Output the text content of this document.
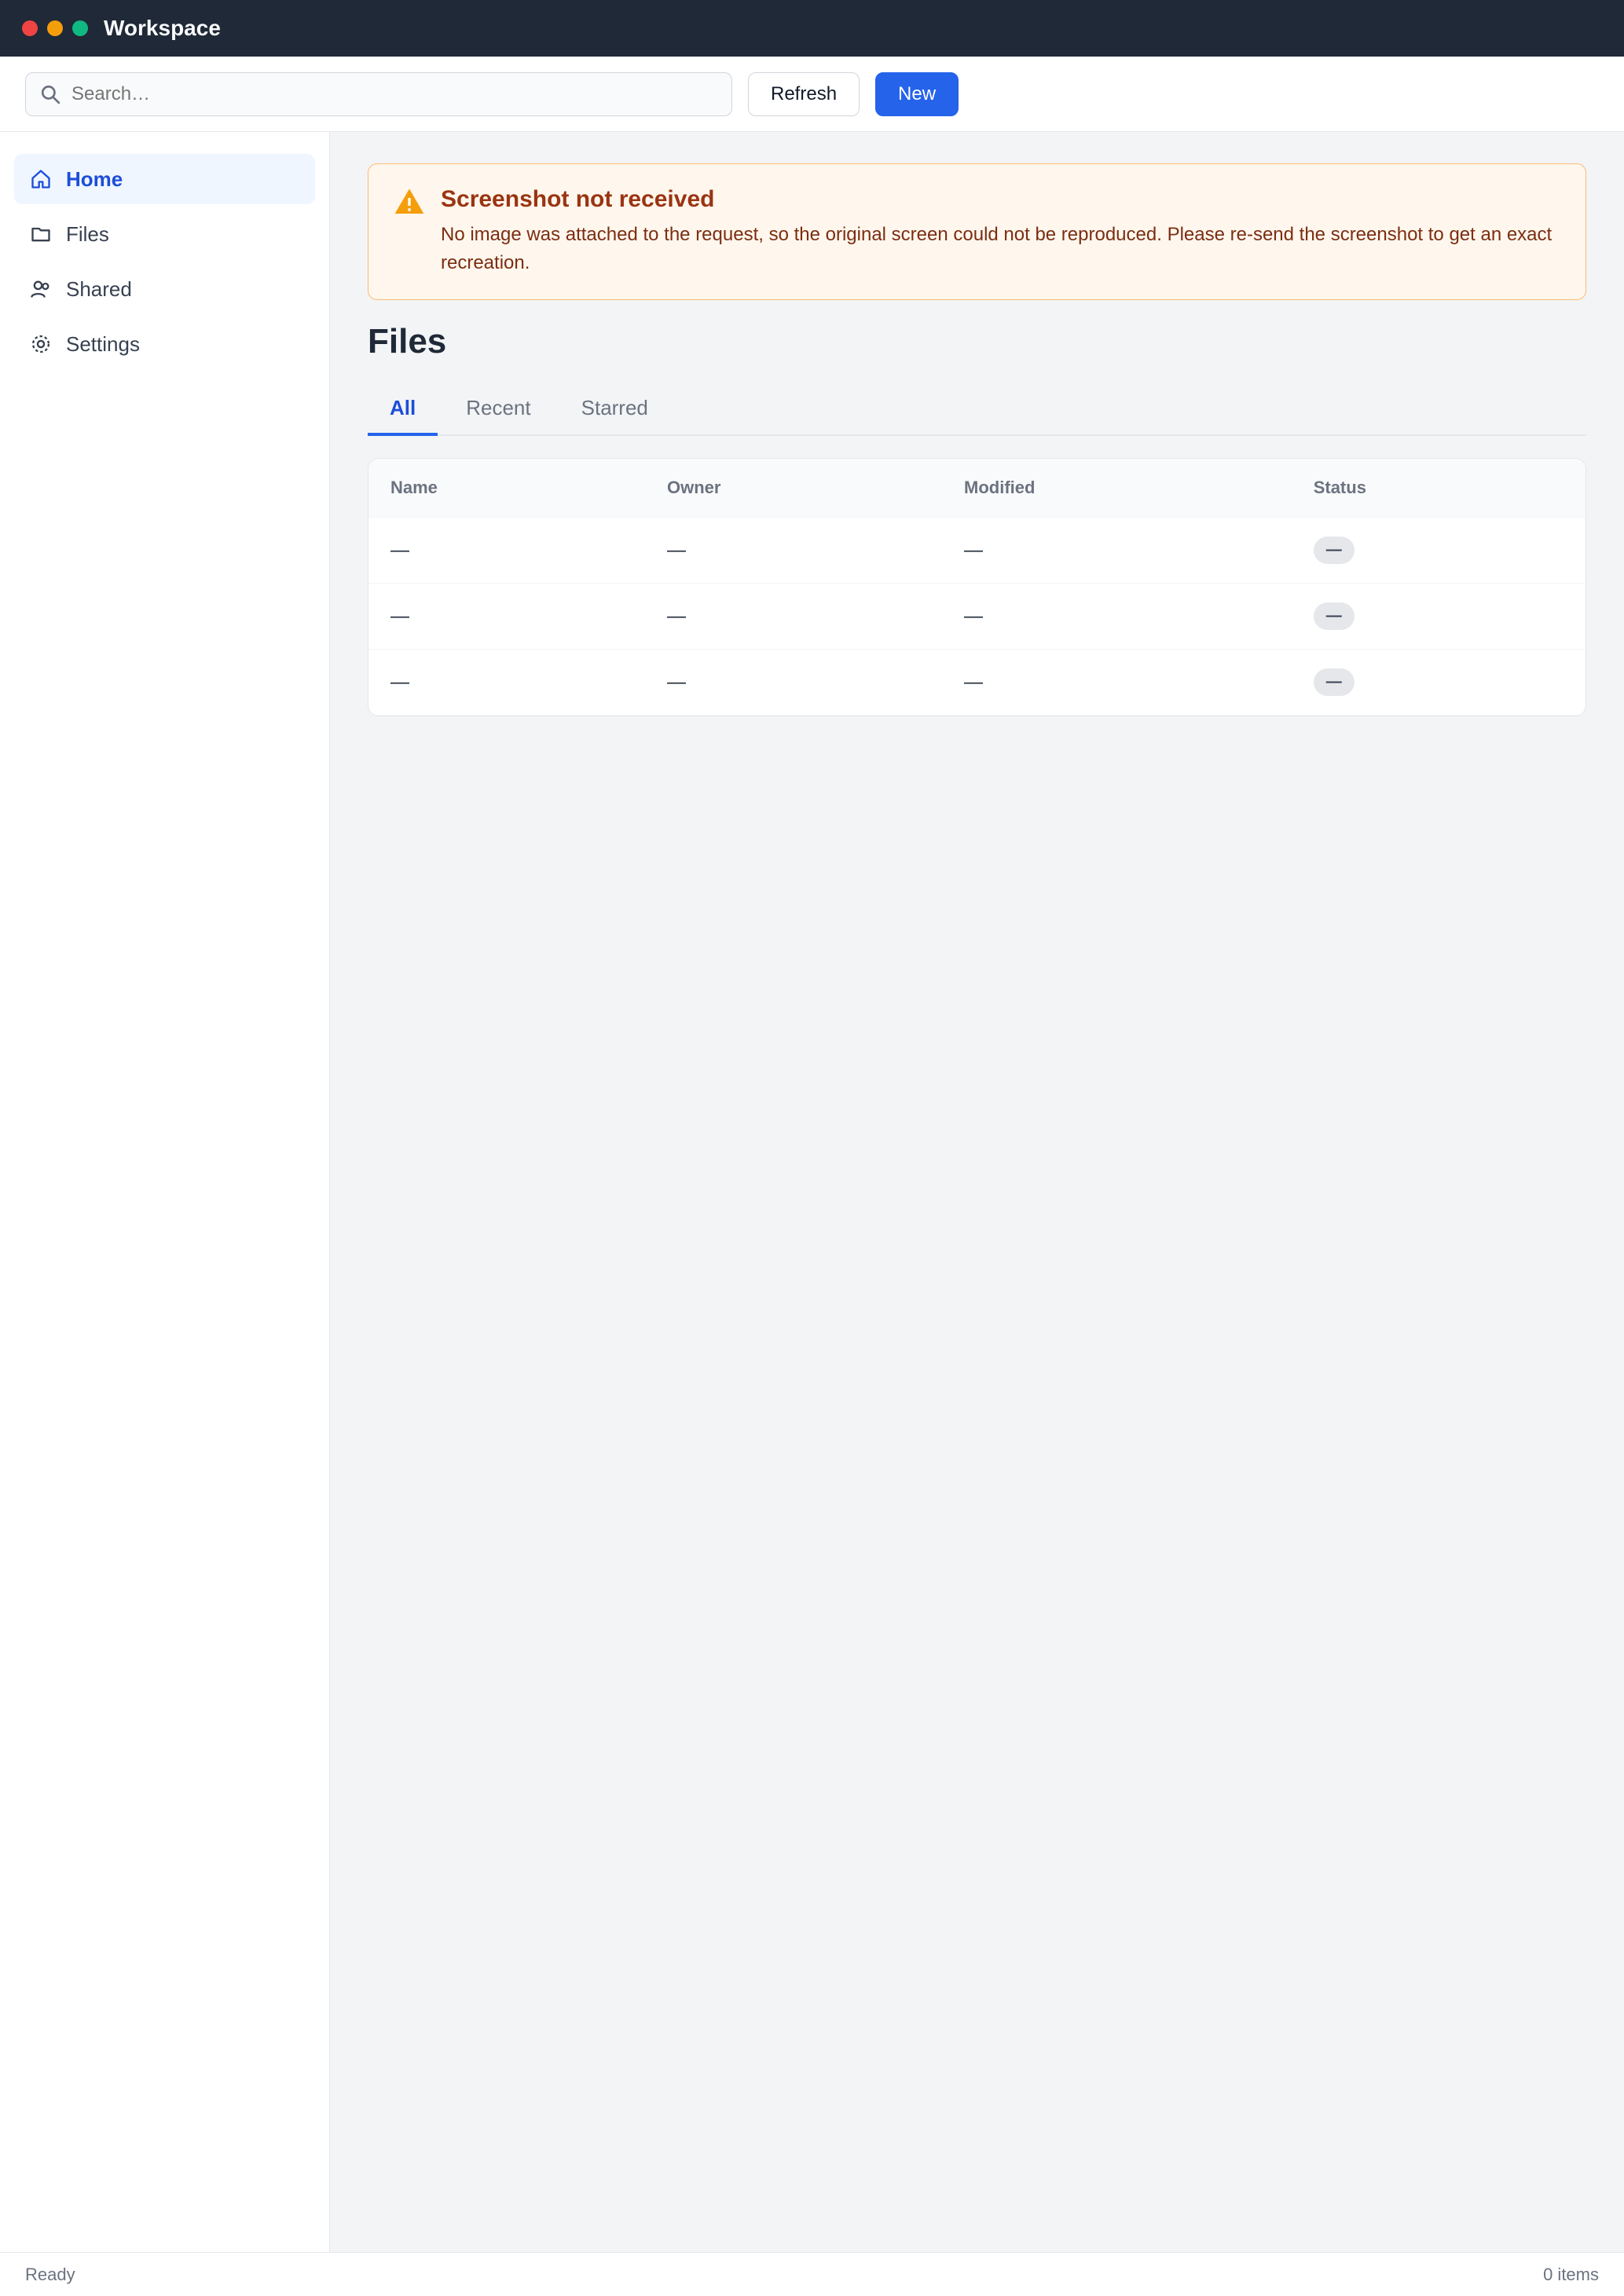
Workspace
Search…
Refresh	New
Home
Files
Shared
Settings
Screenshot not received
No image was attached to the request, so the original screen could not be reproduced. Please re-send the screenshot to get an exact recreation.
Files
All	Recent	Starred
Name	Owner	Modified	Status
—	—	—	—
—	—	—	—
—	—	—	—
Ready	0 items
